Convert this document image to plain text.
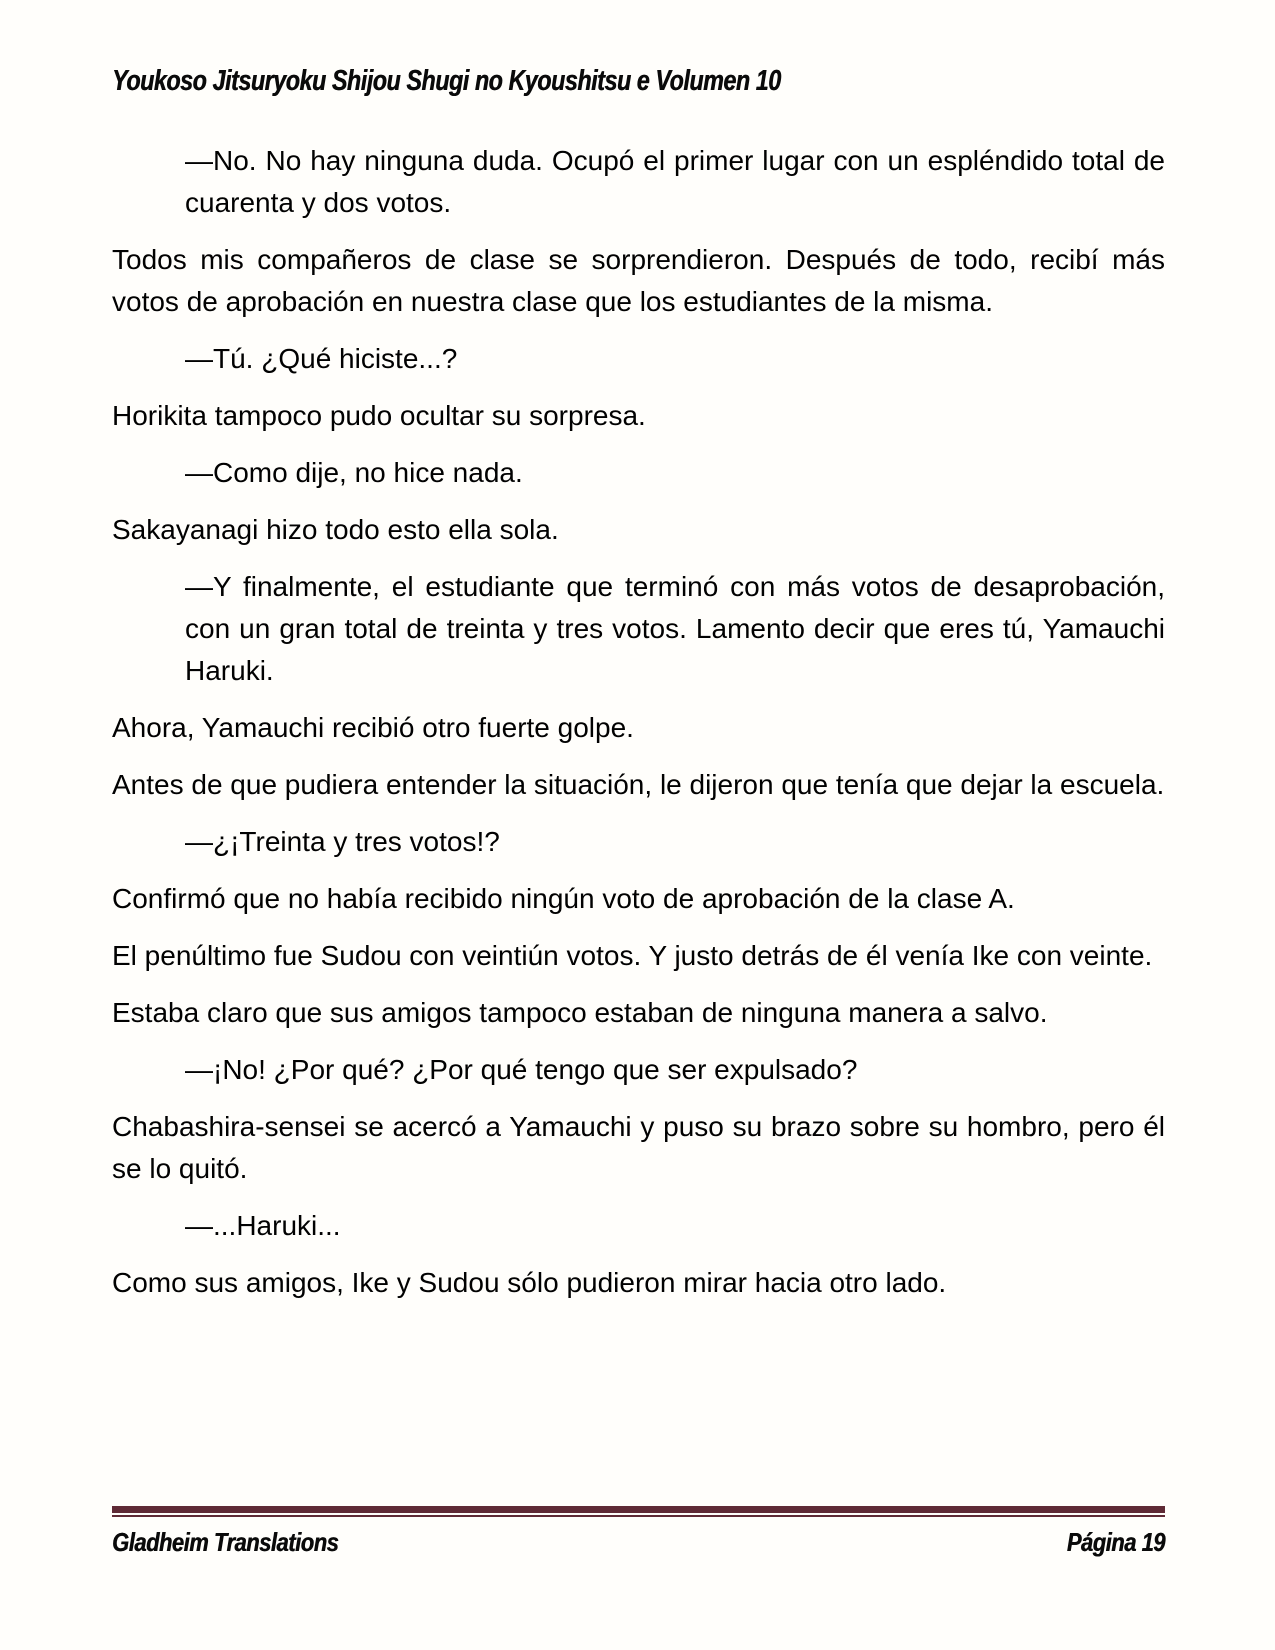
Youkoso Jitsuryoku Shijou Shugi no Kyoushitsu e Volumen 10

—No. No hay ninguna duda. Ocupó el primer lugar con un espléndido total de cuarenta y dos votos.

Todos mis compañeros de clase se sorprendieron. Después de todo, recibí más votos de aprobación en nuestra clase que los estudiantes de la misma.

—Tú. ¿Qué hiciste...?

Horikita tampoco pudo ocultar su sorpresa.

—Como dije, no hice nada.

Sakayanagi hizo todo esto ella sola.

—Y finalmente, el estudiante que terminó con más votos de desaprobación, con un gran total de treinta y tres votos. Lamento decir que eres tú, Yamauchi Haruki.

Ahora, Yamauchi recibió otro fuerte golpe.

Antes de que pudiera entender la situación, le dijeron que tenía que dejar la escuela.

—¿¡Treinta y tres votos!?

Confirmó que no había recibido ningún voto de aprobación de la clase A.

El penúltimo fue Sudou con veintiún votos. Y justo detrás de él venía Ike con veinte.

Estaba claro que sus amigos tampoco estaban de ninguna manera a salvo.

—¡No! ¿Por qué? ¿Por qué tengo que ser expulsado?

Chabashira-sensei se acercó a Yamauchi y puso su brazo sobre su hombro, pero él se lo quitó.

—...Haruki...

Como sus amigos, Ike y Sudou sólo pudieron mirar hacia otro lado.

Gladheim Translations	Página 19
